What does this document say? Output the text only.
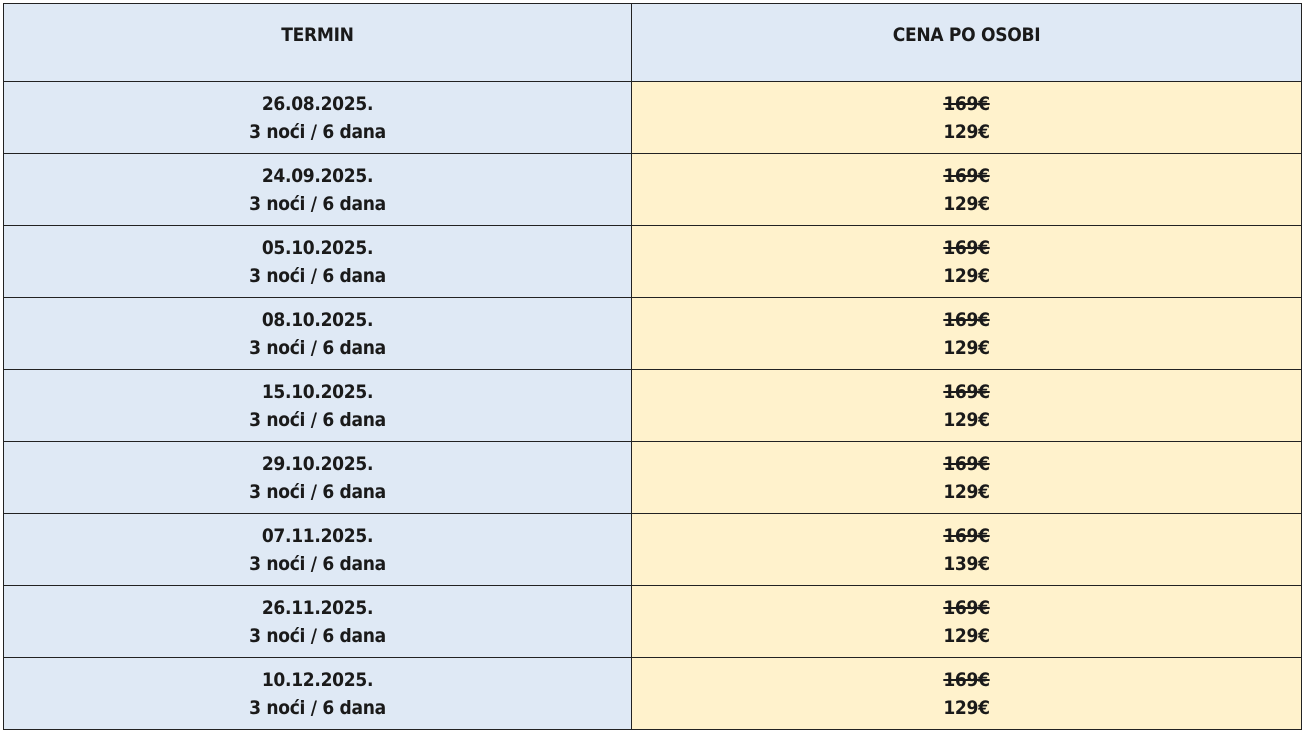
TERMIN	CENA PO OSOBI

26.08.2025.
3 noći / 6 dana	169€
129€

24.09.2025.
3 noći / 6 dana	169€
129€

05.10.2025.
3 noći / 6 dana	169€
129€

08.10.2025.
3 noći / 6 dana	169€
129€

15.10.2025.
3 noći / 6 dana	169€
129€

29.10.2025.
3 noći / 6 dana	169€
129€

07.11.2025.
3 noći / 6 dana	169€
139€

26.11.2025.
3 noći / 6 dana	169€
129€

10.12.2025.
3 noći / 6 dana	169€
129€
